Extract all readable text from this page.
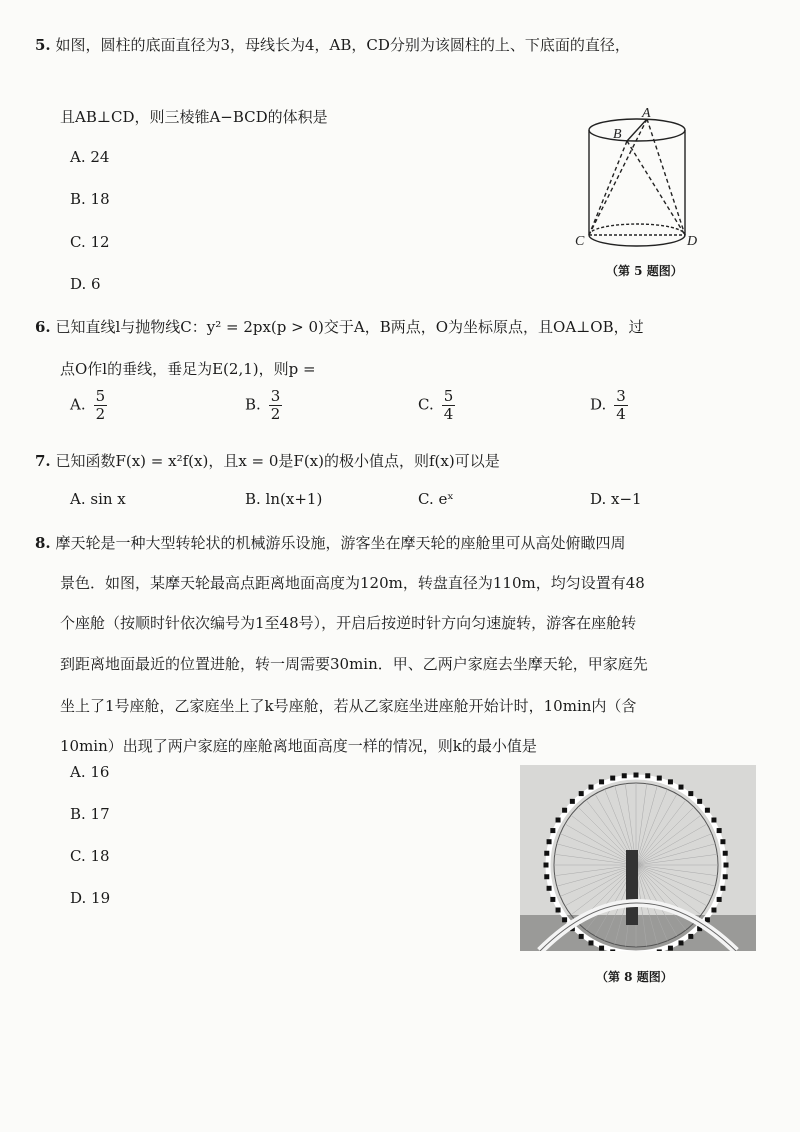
5. 如图，圆柱的底面直径为3，母线长为4，AB，CD分别为该圆柱的上、下底面的直径，
且AB⊥CD，则三棱锥A−BCD的体积是
A. 24
B. 18
C. 12
D. 6
A
B
C	D
（第 5 题图）
6. 已知直线l与抛物线C：y² = 2px(p > 0)交于A，B两点，O为坐标原点，且OA⊥OB，过
点O作l的垂线，垂足为E(2,1)，则p =
A. $\frac{5}{2}$	B. $\frac{3}{2}$	C. $\frac{5}{4}$	D. $\frac{3}{4}$
7. 已知函数F(x) = x²f(x)，且x = 0是F(x)的极小值点，则f(x)可以是
A. sin x	B. ln(x+1)	C. eˣ	D. x−1
8. 摩天轮是一种大型转轮状的机械游乐设施，游客坐在摩天轮的座舱里可从高处俯瞰四周
景色．如图，某摩天轮最高点距离地面高度为120m，转盘直径为110m，均匀设置有48
个座舱（按顺时针依次编号为1至48号），开启后按逆时针方向匀速旋转，游客在座舱转
到距离地面最近的位置进舱，转一周需要30min．甲、乙两户家庭去坐摩天轮，甲家庭先
坐上了1号座舱，乙家庭坐上了k号座舱，若从乙家庭坐进座舱开始计时，10min内（含
10min）出现了两户家庭的座舱离地面高度一样的情况，则k的最小值是
A. 16
B. 17
C. 18
D. 19
（第 8 题图）
